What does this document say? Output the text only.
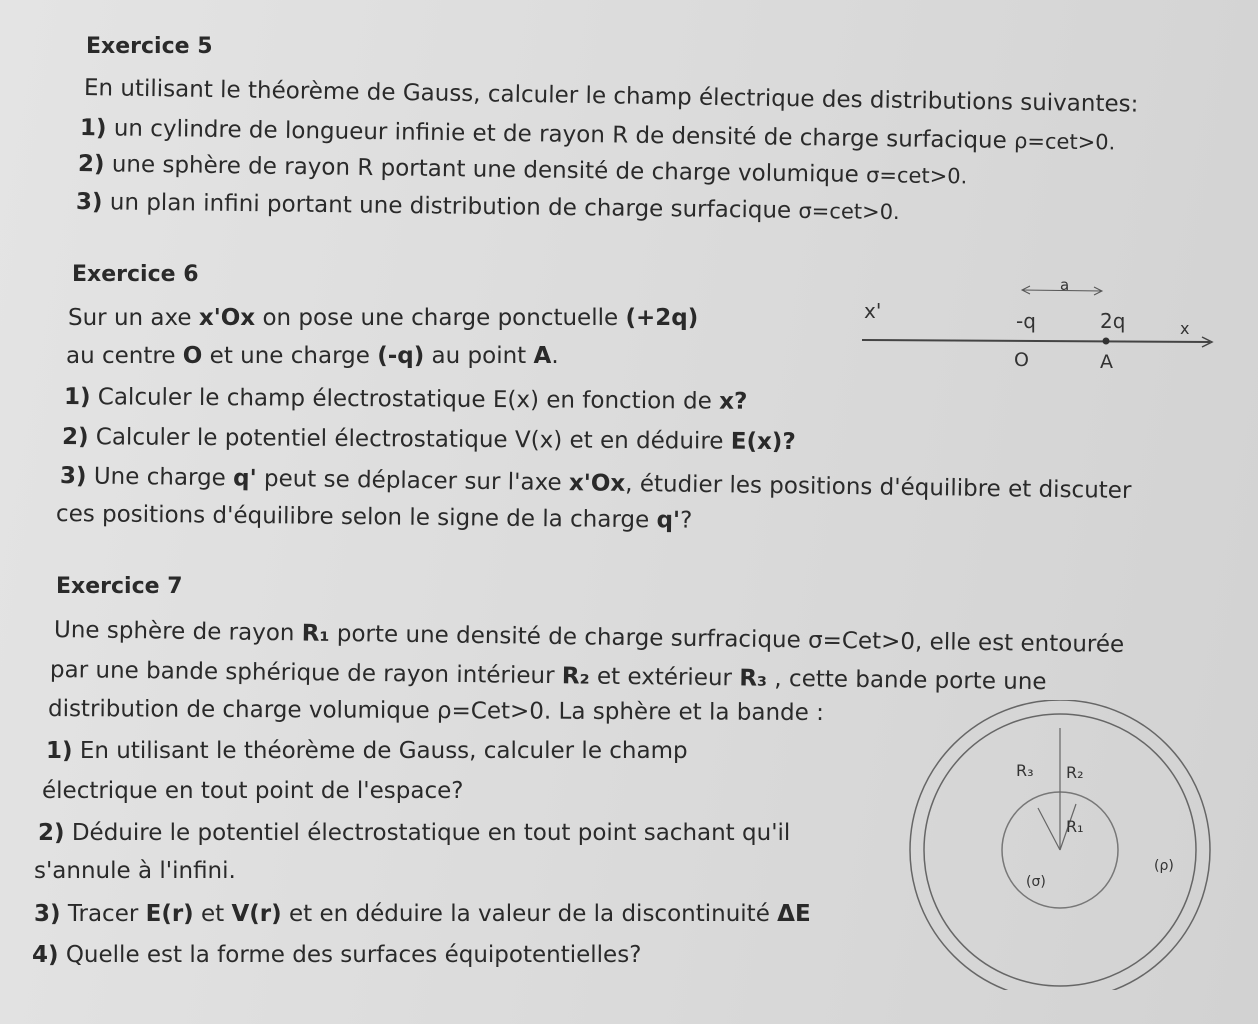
Exercice 5
En utilisant le théorème de Gauss, calculer le champ électrique des distributions suivantes:
1) un cylindre de longueur infinie et de rayon R de densité de charge surfacique ρ=cet>0.
2) une sphère de rayon R portant une densité de charge volumique σ=cet>0.
3) un plan infini portant une distribution de charge surfacique σ=cet>0.
Exercice 6
Sur un axe x'Ox on pose une charge ponctuelle (+2q)
au centre O et une charge (-q) au point A.
1) Calculer le champ électrostatique E(x) en fonction de x?
2) Calculer le potentiel électrostatique V(x) et en déduire E(x)?
3) Une charge q' peut se déplacer sur l'axe x'Ox, étudier les positions d'équilibre et discuter
ces positions d'équilibre selon le signe de la charge q'?
x'
x
a
-q	2q
O	A
Exercice 7
Une sphère de rayon R₁ porte une densité de charge surfracique σ=Cet>0, elle est entourée
par une bande sphérique de rayon intérieur R₂ et extérieur R₃ , cette bande porte une
distribution de charge volumique ρ=Cet>0. La sphère et la bande :
1) En utilisant le théorème de Gauss, calculer le champ
électrique en tout point de l'espace?
2) Déduire le potentiel électrostatique en tout point sachant qu'il
s'annule à l'infini.
3) Tracer E(r) et V(r) et en déduire la valeur de la discontinuité ΔE
4) Quelle est la forme des surfaces équipotentielles?
R₃ R₂
R₁
(σ)
(ρ)
